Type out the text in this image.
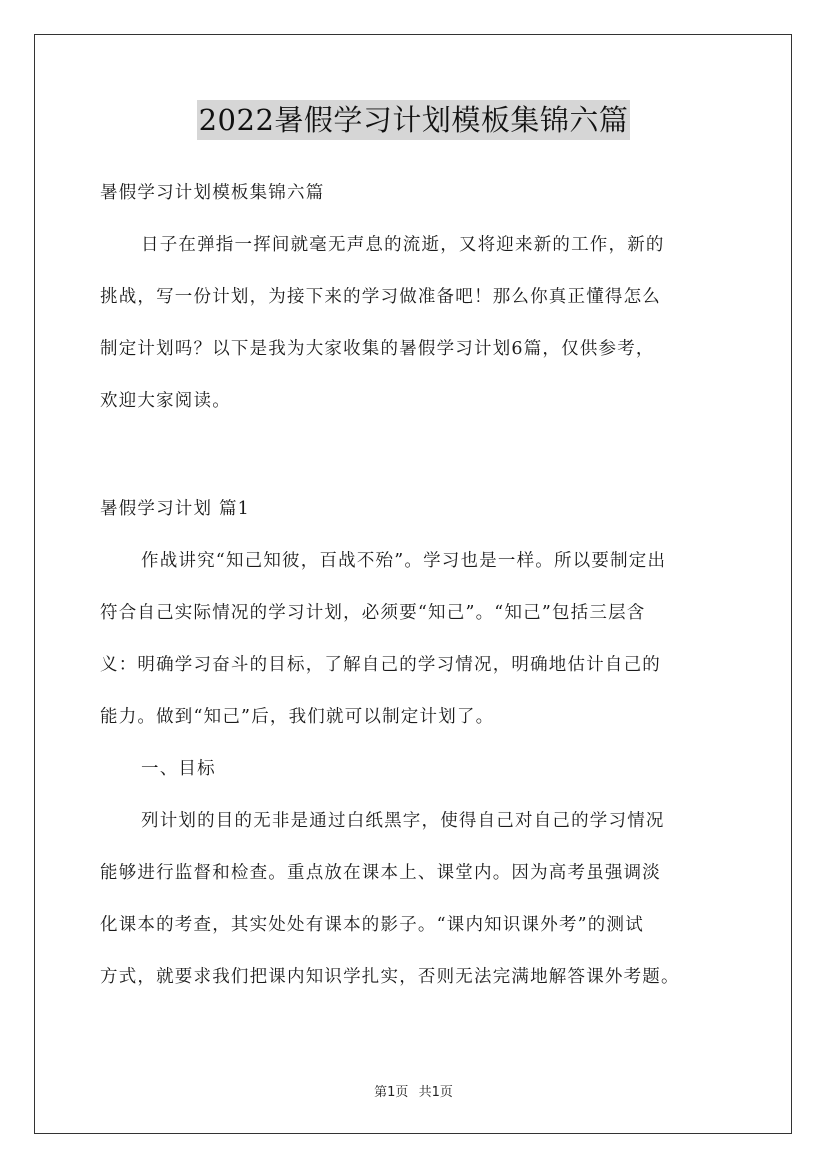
2022暑假学习计划模板集锦六篇
暑假学习计划模板集锦六篇
日子在弹指一挥间就毫无声息的流逝，又将迎来新的工作，新的
挑战，写一份计划，为接下来的学习做准备吧！那么你真正懂得怎么
制定计划吗？以下是我为大家收集的暑假学习计划6篇，仅供参考，
欢迎大家阅读。
暑假学习计划 篇1
作战讲究“知己知彼，百战不殆”。学习也是一样。所以要制定出
符合自己实际情况的学习计划，必须要“知己”。“知己”包括三层含
义：明确学习奋斗的目标，了解自己的学习情况，明确地估计自己的
能力。做到“知己”后，我们就可以制定计划了。
一、目标
列计划的目的无非是通过白纸黑字，使得自己对自己的学习情况
能够进行监督和检查。重点放在课本上、课堂内。因为高考虽强调淡
化课本的考查，其实处处有课本的影子。“课内知识课外考”的测试
方式，就要求我们把课内知识学扎实，否则无法完满地解答课外考题。
第1页 共1页
